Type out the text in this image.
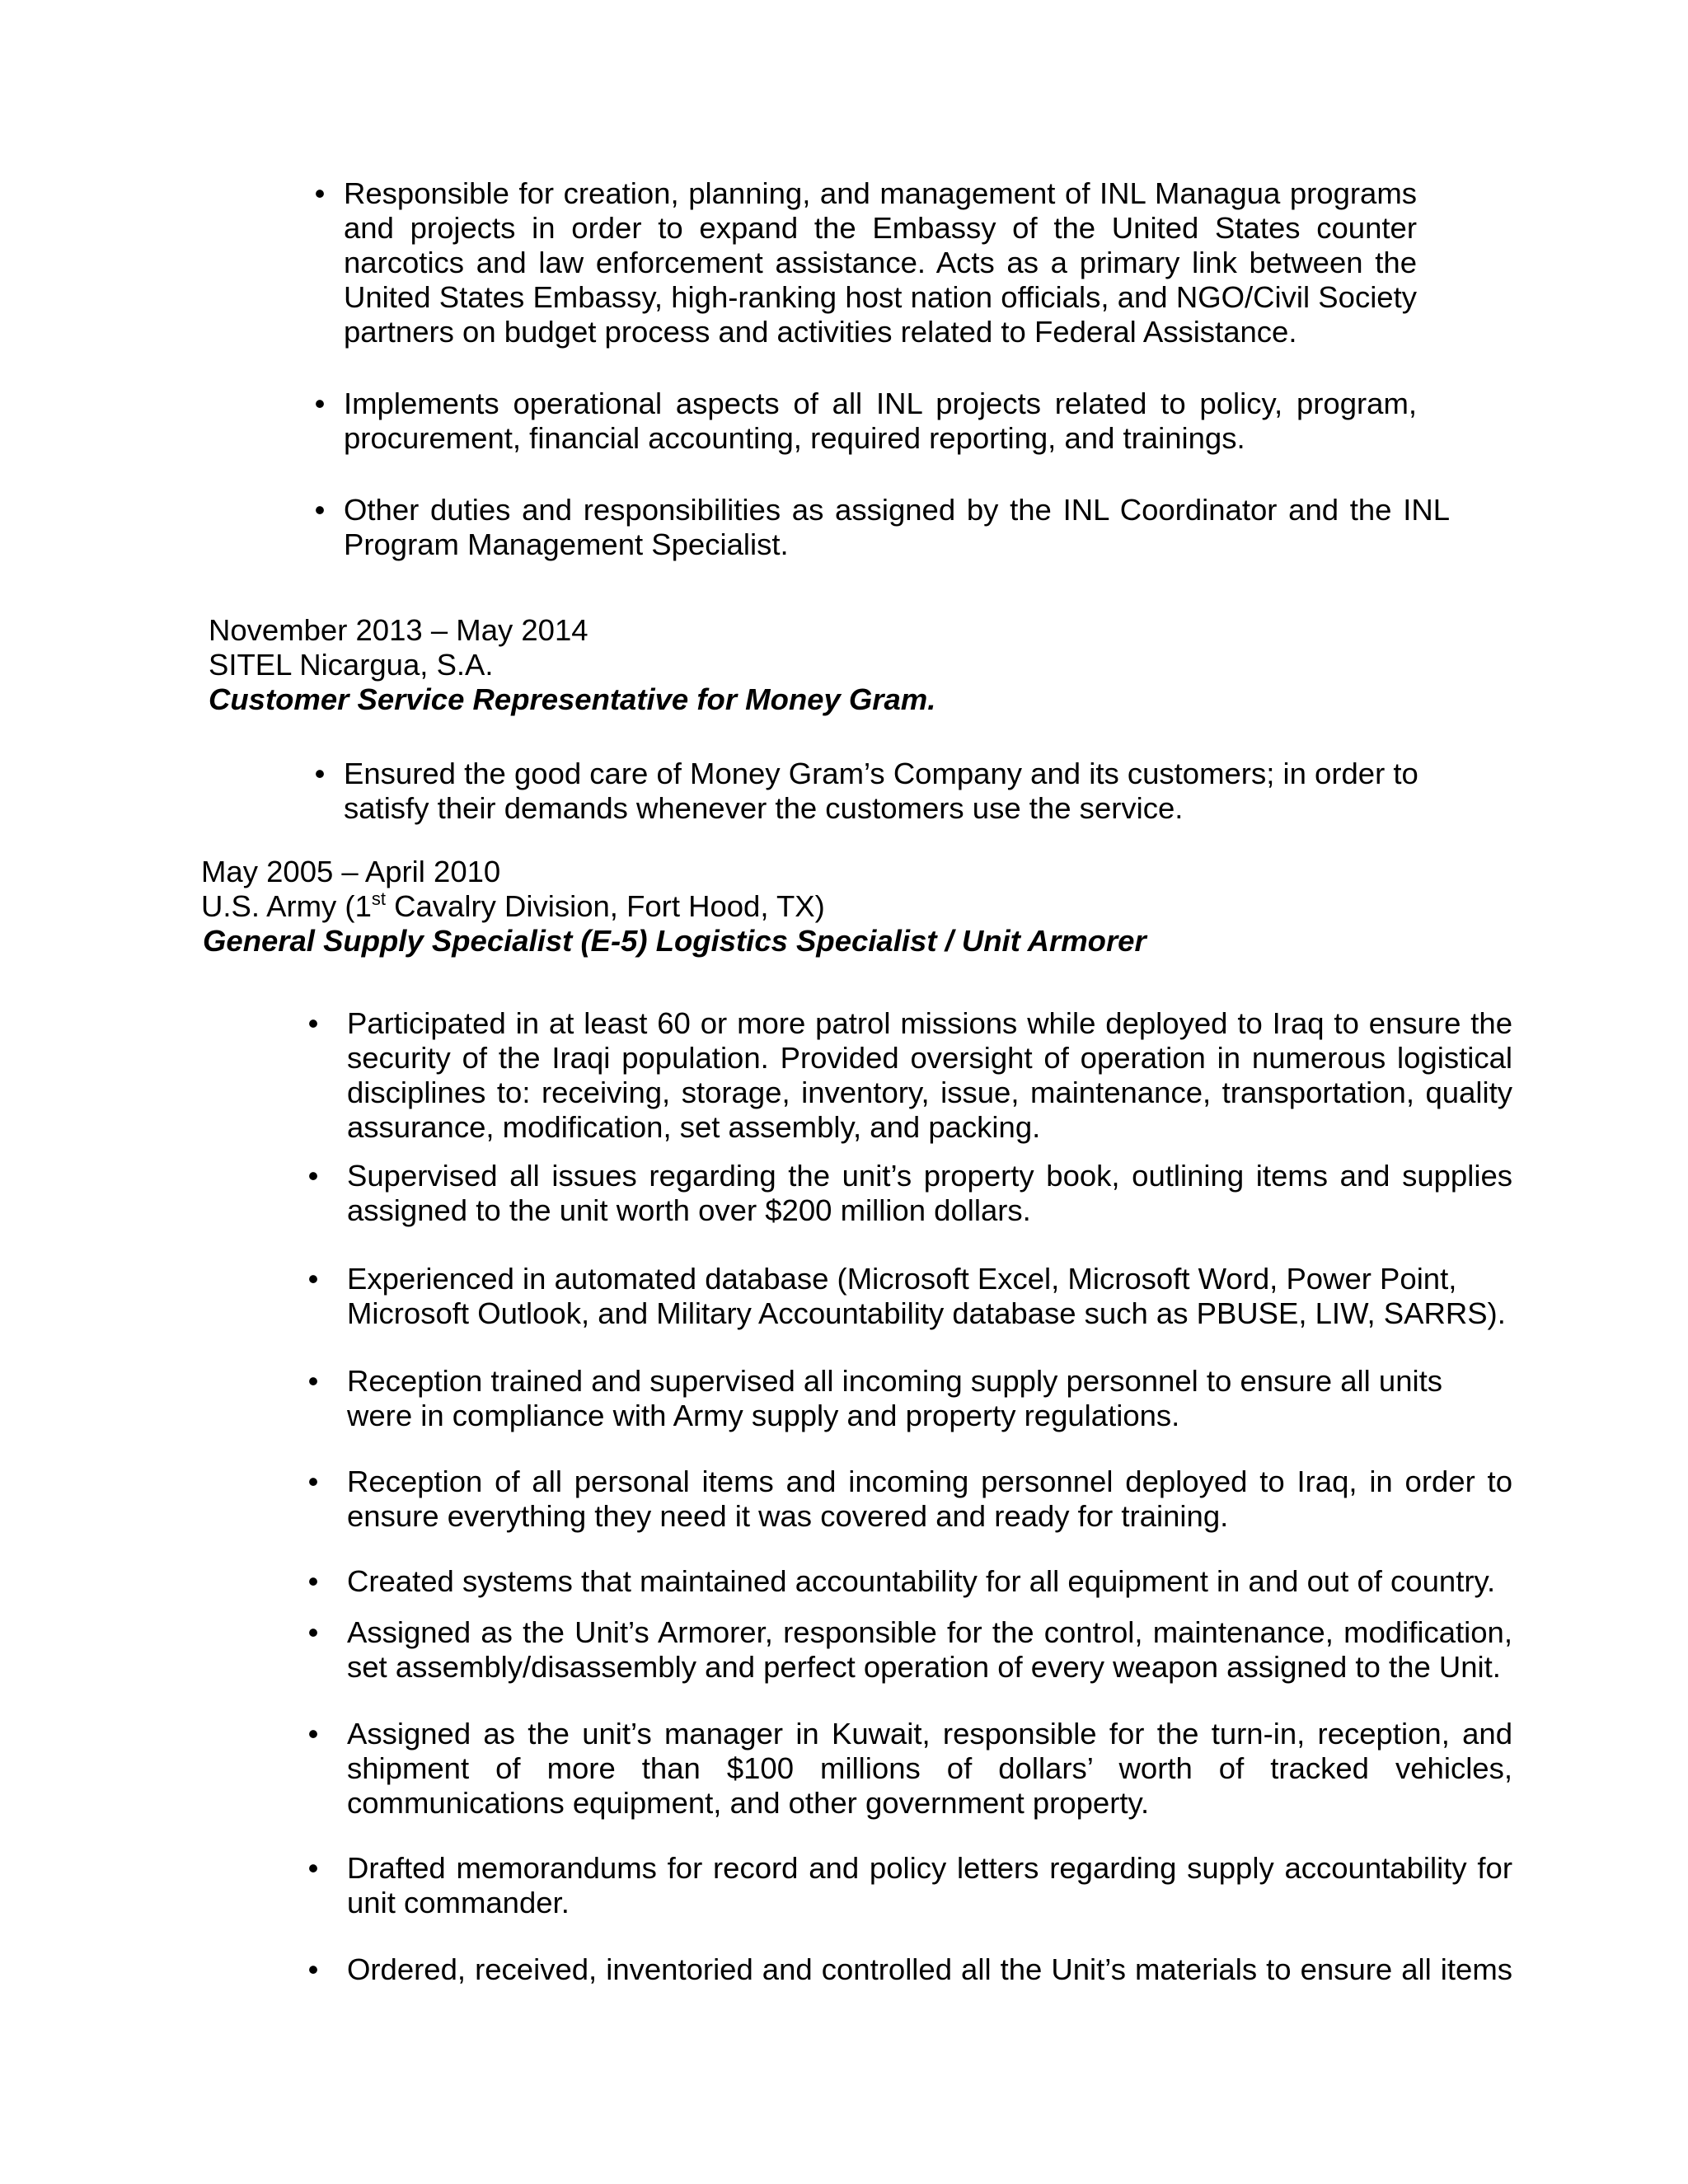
• Responsible for creation, planning, and management of INL Managua programs and projects in order to expand the Embassy of the United States counter narcotics and law enforcement assistance. Acts as a primary link between the United States Embassy, high-ranking host nation officials, and NGO/Civil Society partners on budget process and activities related to Federal Assistance.
• Implements operational aspects of all INL projects related to policy, program, procurement, financial accounting, required reporting, and trainings.
• Other duties and responsibilities as assigned by the INL Coordinator and the INL Program Management Specialist.
November 2013 – May 2014
SITEL Nicargua, S.A.
Customer Service Representative for Money Gram.
• Ensured the good care of Money Gram’s Company and its customers; in order to satisfy their demands whenever the customers use the service.
May 2005 – April 2010
U.S. Army (1st Cavalry Division, Fort Hood, TX)
General Supply Specialist (E-5) Logistics Specialist / Unit Armorer
• Participated in at least 60 or more patrol missions while deployed to Iraq to ensure the security of the Iraqi population. Provided oversight of operation in numerous logistical disciplines to: receiving, storage, inventory, issue, maintenance, transportation, quality assurance, modification, set assembly, and packing.
• Supervised all issues regarding the unit’s property book, outlining items and supplies assigned to the unit worth over $200 million dollars.
• Experienced in automated database (Microsoft Excel, Microsoft Word, Power Point, Microsoft Outlook, and Military Accountability database such as PBUSE, LIW, SARRS).
• Reception trained and supervised all incoming supply personnel to ensure all units were in compliance with Army supply and property regulations.
• Reception of all personal items and incoming personnel deployed to Iraq, in order to ensure everything they need it was covered and ready for training.
• Created systems that maintained accountability for all equipment in and out of country.
• Assigned as the Unit’s Armorer, responsible for the control, maintenance, modification, set assembly/disassembly and perfect operation of every weapon assigned to the Unit.
• Assigned as the unit’s manager in Kuwait, responsible for the turn-in, reception, and shipment of more than $100 millions of dollars’ worth of tracked vehicles, communications equipment, and other government property.
• Drafted memorandums for record and policy letters regarding supply accountability for unit commander.
• Ordered, received, inventoried and controlled all the Unit’s materials to ensure all items
